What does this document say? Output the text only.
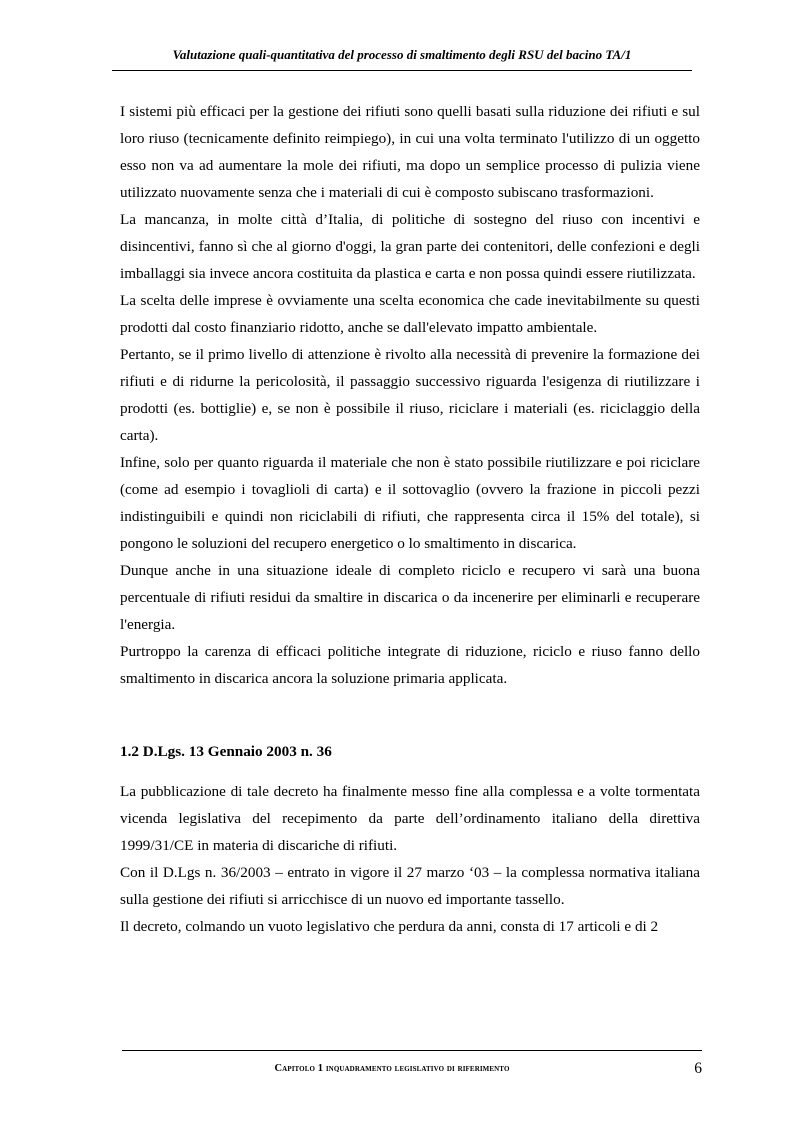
Valutazione quali-quantitativa del processo di smaltimento degli RSU del bacino TA/1

I sistemi più efficaci per la gestione dei rifiuti sono quelli basati sulla riduzione dei rifiuti e sul loro riuso (tecnicamente definito reimpiego), in cui una volta terminato l'utilizzo di un oggetto esso non va ad aumentare la mole dei rifiuti, ma dopo un semplice processo di pulizia viene utilizzato nuovamente senza che i materiali di cui è composto subiscano trasformazioni.

La mancanza, in molte città d’Italia, di politiche di sostegno del riuso con incentivi e disincentivi, fanno sì che al giorno d'oggi, la gran parte dei contenitori, delle confezioni e degli imballaggi sia invece ancora costituita da plastica e carta e non possa quindi essere riutilizzata.

La scelta delle imprese è ovviamente una scelta economica che cade inevitabilmente su questi prodotti dal costo finanziario ridotto, anche se dall'elevato impatto ambientale.

Pertanto, se il primo livello di attenzione è rivolto alla necessità di prevenire la formazione dei rifiuti e di ridurne la pericolosità, il passaggio successivo riguarda l'esigenza di riutilizzare i prodotti (es. bottiglie) e, se non è possibile il riuso, riciclare i materiali (es. riciclaggio della carta).

Infine, solo per quanto riguarda il materiale che non è stato possibile riutilizzare e poi riciclare (come ad esempio i tovaglioli di carta) e il sottovaglio (ovvero la frazione in piccoli pezzi indistinguibili e quindi non riciclabili di rifiuti, che rappresenta circa il 15% del totale), si pongono le soluzioni del recupero energetico o lo smaltimento in discarica.

Dunque anche in una situazione ideale di completo riciclo e recupero vi sarà una buona percentuale di rifiuti residui da smaltire in discarica o da incenerire per eliminarli e recuperare l'energia.

Purtroppo la carenza di efficaci politiche integrate di riduzione, riciclo e riuso fanno dello smaltimento in discarica ancora la soluzione primaria applicata.

1.2 D.Lgs. 13 Gennaio 2003 n. 36

La pubblicazione di tale decreto ha finalmente messo fine alla complessa e a volte tormentata vicenda legislativa del recepimento da parte dell’ordinamento italiano della direttiva 1999/31/CE in materia di discariche di rifiuti.

Con il D.Lgs n. 36/2003 – entrato in vigore il 27 marzo ‘03 – la complessa normativa italiana sulla gestione dei rifiuti si arricchisce di un nuovo ed importante tassello.

Il decreto, colmando un vuoto legislativo che perdura da anni, consta di 17 articoli e di 2

Capitolo 1 inquadramento legislativo di riferimento	6
